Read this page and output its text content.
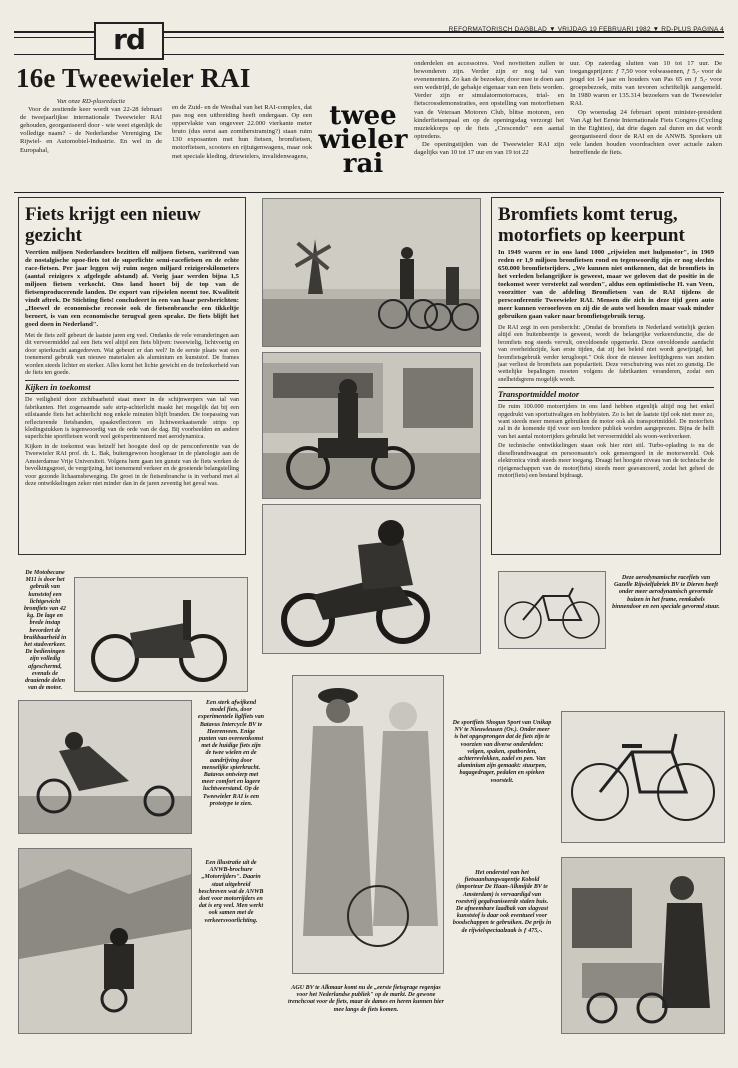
rd	REFORMATORISCH DAGBLAD ▼ VRIJDAG 19 FEBRUARI 1982 ▼ RD-PLUS PAGINA 4
16e Tweewieler RAI

Van onze RD-plusredactie

Voor de zestiende keer wordt van 22-28 februari de tweejaarlijkse internationale Tweewieler RAI gehouden, georganiseerd door - wie weet eigenlijk de volledige naam? - de Nederlandse Vereniging De Rijwiel- en Automobiel-Industrie. En wel in de Europahal,

en de Zuid- en de Westhal van het RAI-complex, dat pas nog een uitbreiding heeft ondergaan. Op een oppervlakte van ongeveer 22.000 vierkante meter bruto (dus eerst aan zomtherstraming?) staan ruim 130 exposanten met hun fietsen, bromfietsen, motorfietsen, scooters en rijtuigenwagens, maar ook met speciale kleding, driewielers, invalidenwagens,

twee
wieler
rai

onderdelen en accessoires. Veel noviteiten zullen te bewonderen zijn. Verder zijn er nog tal van evenementen. Zo kan de bezoeker, door mee te doen aan een wedstrijd, de gebakje eigenaar van een fiets worden. Verder zijn er simulatormotorraces, trial- en fietscrossdemonstraties, een opstelling van motorfietsen van de Veteraan Motoren Club, blitse motoren, een kinderfietsenpaal en op de openingsdag verzorgt het muziekkorps op de fiets „Crescendo" een aantal optredens.

De openingstijden van de Tweewieler RAI zijn dagelijks van 10 tot 17 uur en van 19 tot 22

uur. Op zaterdag sluiten van 10 tot 17 uur. De toegangsprijzen: ƒ 7,50 voor volwassenen, ƒ 5,- voor de jeugd tot 14 jaar en houders van Pas 65 en ƒ 5,- voor groepsbezoek, mits van tevoren schriftelijk aangemeld. In 1980 waren er 135.314 bezoekers van de Tweewieler RAI.

Op woensdag 24 februari opent minister-president Van Agt het Eerste Internationale Fiets Congres (Cycling in the Eighties), dat drie dagen zal duren en dat wordt georganiseerd door de RAI en de ANWB. Sprekers uit vele landen houden voordrachten over actuele zaken betreffende de fiets.

Fiets krijgt een nieuw gezicht
Veertien miljoen Nederlanders bezitten elf miljoen fietsen, variërend van de nostalgische opoe-fiets tot de superlichte semi-racefietsen en de echte race-fietsen. Per jaar leggen wij ruim negen miljard reizigerskilometers (aantal reizigers x afgelegde afstand) af. Vorig jaar werden bijna 1,5 miljoen fietsen verkocht. Ons land hoort bij de top van de fietsenproducerende landen. De export van rijwielen neemt toe. Kwaliteit vindt aftrek. De Stichting fiets! concludeert in een van haar persberichten: „Hoewel de economische recessie ook de fietsenbranche een tikkeltje beroert, is van een economische terugval geen sprake. De fiets blijft het goed doen in Nederland".
Met de fiets zelf gebeurt de laatste jaren erg veel. Ondanks de vele veranderingen aan dit vervoermiddel zal een fiets wel altijd een fiets blijven: tweewielig, lichtvoetig en door spierkracht aangedreven. Wat gebeurt er dan wel? In de eerste plaats wat een toenemend gebruik van nieuwe materialen als aluminium en kunststof. De frames worden steeds lichter en sterker. Alles komt het lichte gewicht en de trefzekerheid van de fiets ten goede.
Kijken in toekomst
De veiligheid door zichtbaarheid staat meer in de schijnwerpers van tal van fabrikanten. Het zogenaamde safe strip-achterlicht maakt het mogelijk dat bij een stilstaande fiets het achterlicht nog enkele minuten blijft branden. De toepassing van reflecterende fietsbanden, spaakreflectoren en lichtweerkaatsende strips op kledingstukken is tegenwoordig van de orde van de dag. Bij voorbeelden en andere superlichte sportfietsen wordt veel geëxperimenteerd met aerodynamica.
Kijken in de toekomst was hetzelf het hoogste deel op de persconferentie van de Tweewieler RAI prof. dr. L. Bak, buitengewoon hoogleraar in de planologie aan de Amsterdamse Vrije Universiteit. Volgens hem gaan ten gunste van de fiets werken de bevolkingsgroei, de vergrijzing, het toenemend verkeer en de groeiende belangstelling voor gezonde lichaamsbeweging. De groei in de fietsenbranche is in verband met al deze ontwikkelingen zeker niet minder dan in de jaren zeventig het geval was.
Bromfiets komt terug, motorfiets op keerpunt
In 1949 waren er in ons land 1000 „rijwielen met hulpmotor", in 1969 reden er 1,9 miljoen bromfietsen rond en tegenwoordig zijn er nog slechts 650.000 bromfietsrijders. „We kunnen niet ontkennen, dat de bromfiets in het verleden belangrijker is geweest, maar we geloven dat de positie in de toekomst weer versterkt zal worden", aldus een optimistische H. van Veen, voorzitter van de afdeling Bromfietsen van de RAI tijdens de persconferentie Tweewieler RAI. Mensen die zich in deze tijd geen auto meer kunnen veroorloven en zij die de auto wel houden maar vaak minder gebruiken gaan vaker naar bromfietsgebruik terug.
De RAI zegt in een persbericht: „Omdat de bromfiets in Nederland wettelijk gezien altijd een buitenbeentje is geweest, wordt de belangrijke verkeersfunctie, die de bromfiets nog steeds vervult, onvoldoende opgemerkt. Deze onvoldoende aandacht van overheidszijde, kan erste tijden, dat zij het beleid niet wordt gewijzigd, het bromfietsgebruik verder terugloopt." Ook door de nieuwe leeftijdsgrens van zestien jaar verliest de bromfiets aan populariteit. Deze verschuiving was niet zo gunstig. De wettelijke bepalingen moeten volgens de fabrikanten veranderen, zodat een snelheidsgrens mogelijk wordt.
Transportmiddel motor
De ruim 100.000 motorrijders in ons land hebben eigenlijk altijd nog het enkel opgedrukt van sportuitvaligen en hobbyisten. Zo is het de laatste tijd ook niet meer zo, want steeds meer mensen gebruiken de motor ook als transportmiddel. De motorfiets zal in de komende tijd voor een bredere publiek worden aangeprezen. Bijna de helft van het aantal motorrijders gebruikt het vervoermiddel als woon-werkverkeer.
De technische ontwikkelingen staan ook hier niet stil. Turbo-oplading is nu de dieselbrandtwaagrat en persoonsauto's ook gemeengoed in de motorwereld. Ook elektronica vindt steeds meer toegang. Draagt het hoogste niveau van de technische de rijeigenschappen van de motor(fiets) steeds meer geavanceerd, zodat het geheel de motor(fiets) een bestand bijdraagt.
De Motobecane M11 is door het gebruik van kunststof een lichtgewicht bromfiets van 42 kg. De lage en brede instap bevordert de bruikbaarheid in het stadsverkeer. De bedieningen zijn volledig afgeschermd, evenals de draaiende delen van de motor.
Een sterk afwijkend model fiets, door experimentele liglfiets van Batavus Intercycle BV te Heerenveen. Enige punten van overeenkomst met de huidige fiets zijn de twee wielen en de aandrijving door menselijke spierkracht. Batavus ontwierp met meer comfort en lagere luchtweerstand. Op de Tweewieler RAI is een prototype te zien.
Een illustratie uit de ANWB-brochure „Motorrijders". Daarin staat uitgebreid beschreven wat de ANWB doet voor motorrijders en dat is erg veel. Men werkt ook samen met de verkeersvoorlichting.
AGU BV te Alkmaar komt nu de „eerste fietsgrage regenjas voor het Nederlandse publiek" op de markt. De gewone trenchcoat voor de fiets, maar de dames en heren kunnen hier mee langs de fiets komen.
Deze aerodynamische racefiets van Gazelle Rijwielfabriek BV te Dieren heeft onder meer aerodynamisch gevormde buizen in het frame, remkabels binnendoor en een speciale gevormd stuur.
De sportfiets Shogun Sport van Unikap NV te Nieuwleusen (Ov.). Onder meer is het opgesprongen dat de fiets zijn te voorzien van diverse onderdelen: velgen, spaken, spatborden, achterrevlekken, zadel en pen. Van aluminium zijn gemaakt: stuurpen, bagagedrager, pedalen en spieken voorstelt.
Het onderstel van het fietsaanhangwagentje Kobold (importeur De Haan-Alkmijde BV te Amsterdam) is vervaardigd van roestvrij gegalvaniseerde stalen buis. De afneembare laadbak van slagvast kunststof is daar ook eventueel voor boodschappen te gebruiken. De prijs in de rijwielspeciaalzaak is ƒ 475,-.
